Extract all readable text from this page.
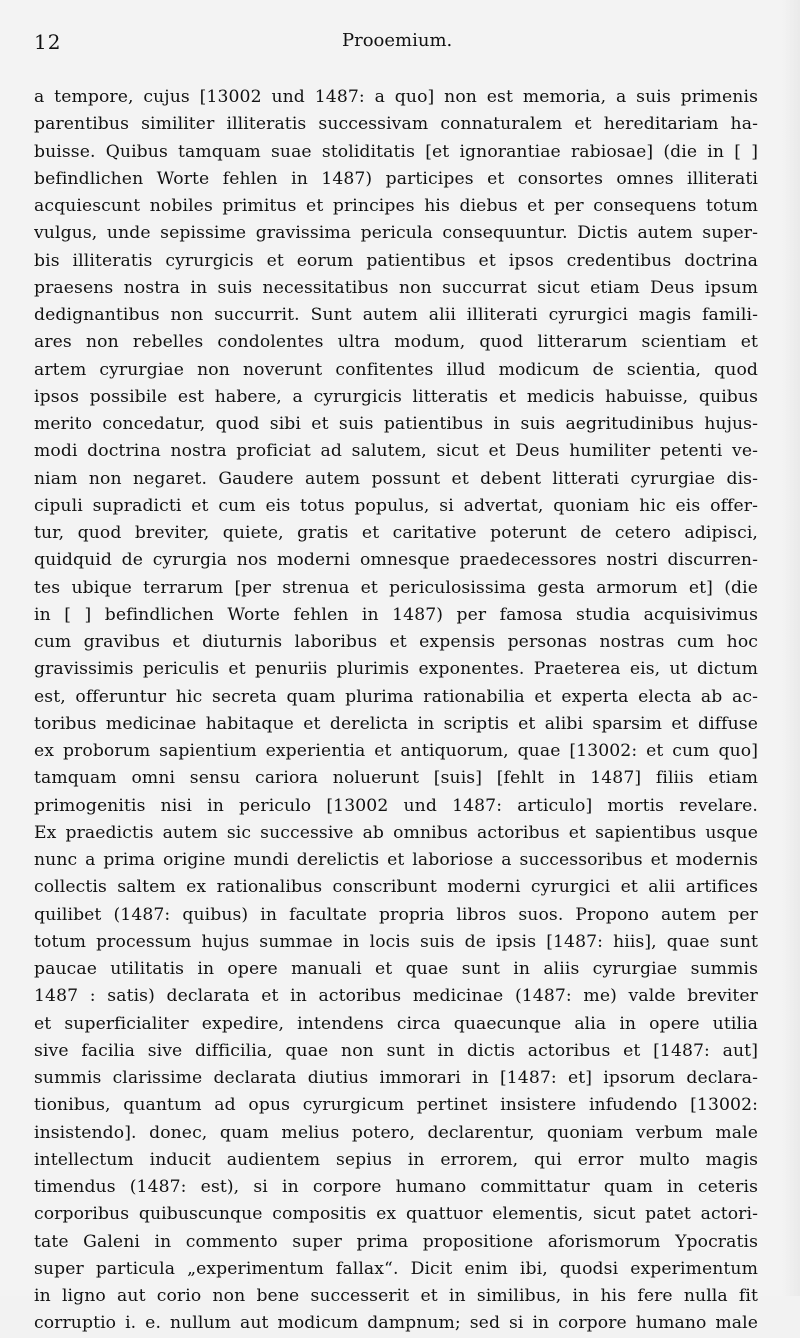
12	Prooemium.
a tempore, cujus [13002 und 1487: a quo] non est memoria, a suis primenis
parentibus similiter illiteratis successivam connaturalem et hereditariam ha-
buisse. Quibus tamquam suae stoliditatis [et ignorantiae rabiosae] (die in [ ]
befindlichen Worte fehlen in 1487) participes et consortes omnes illiterati
acquiescunt nobiles primitus et principes his diebus et per consequens totum
vulgus, unde sepissime gravissima pericula consequuntur. Dictis autem super-
bis illiteratis cyrurgicis et eorum patientibus et ipsos credentibus doctrina
praesens nostra in suis necessitatibus non succurrat sicut etiam Deus ipsum
dedignantibus non succurrit. Sunt autem alii illiterati cyrurgici magis famili-
ares non rebelles condolentes ultra modum, quod litterarum scientiam et
artem cyrurgiae non noverunt confitentes illud modicum de scientia, quod
ipsos possibile est habere, a cyrurgicis litteratis et medicis habuisse, quibus
merito concedatur, quod sibi et suis patientibus in suis aegritudinibus hujus-
modi doctrina nostra proficiat ad salutem, sicut et Deus humiliter petenti ve-
niam non negaret. Gaudere autem possunt et debent litterati cyrurgiae dis-
cipuli supradicti et cum eis totus populus, si advertat, quoniam hic eis offer-
tur, quod breviter, quiete, gratis et caritative poterunt de cetero adipisci,
quidquid de cyrurgia nos moderni omnesque praedecessores nostri discurren-
tes ubique terrarum [per strenua et periculosissima gesta armorum et] (die
in [ ] befindlichen Worte fehlen in 1487) per famosa studia acquisivimus
cum gravibus et diuturnis laboribus et expensis personas nostras cum hoc
gravissimis periculis et penuriis plurimis exponentes. Praeterea eis, ut dictum
est, offeruntur hic secreta quam plurima rationabilia et experta electa ab ac-
toribus medicinae habitaque et derelicta in scriptis et alibi sparsim et diffuse
ex proborum sapientium experientia et antiquorum, quae [13002: et cum quo]
tamquam omni sensu cariora noluerunt [suis] [fehlt in 1487] filiis etiam
primogenitis nisi in periculo [13002 und 1487: articulo] mortis revelare.
Ex praedictis autem sic successive ab omnibus actoribus et sapientibus usque
nunc a prima origine mundi derelictis et laboriose a successoribus et modernis
collectis saltem ex rationalibus conscribunt moderni cyrurgici et alii artifices
quilibet (1487: quibus) in facultate propria libros suos. Propono autem per
totum processum hujus summae in locis suis de ipsis [1487: hiis], quae sunt
paucae utilitatis in opere manuali et quae sunt in aliis cyrurgiae summis
1487 : satis) declarata et in actoribus medicinae (1487: me) valde breviter
et superficialiter expedire, intendens circa quaecunque alia in opere utilia
sive facilia sive difficilia, quae non sunt in dictis actoribus et [1487: aut]
summis clarissime declarata diutius immorari in [1487: et] ipsorum declara-
tionibus, quantum ad opus cyrurgicum pertinet insistere infudendo [13002:
insistendo]. donec, quam melius potero, declarentur, quoniam verbum male
intellectum inducit audientem sepius in errorem, qui error multo magis
timendus (1487: est), si in corpore humano committatur quam in ceteris
corporibus quibuscunque compositis ex quattuor elementis, sicut patet actori-
tate Galeni in commento super prima propositione aforismorum Ypocratis
super particula „experimentum fallax“. Dicit enim ibi, quodsi experimentum
in ligno aut corio non bene successerit et in similibus, in his fere nulla fit
corruptio i. e. nullum aut modicum dampnum; sed si in corpore humano male
